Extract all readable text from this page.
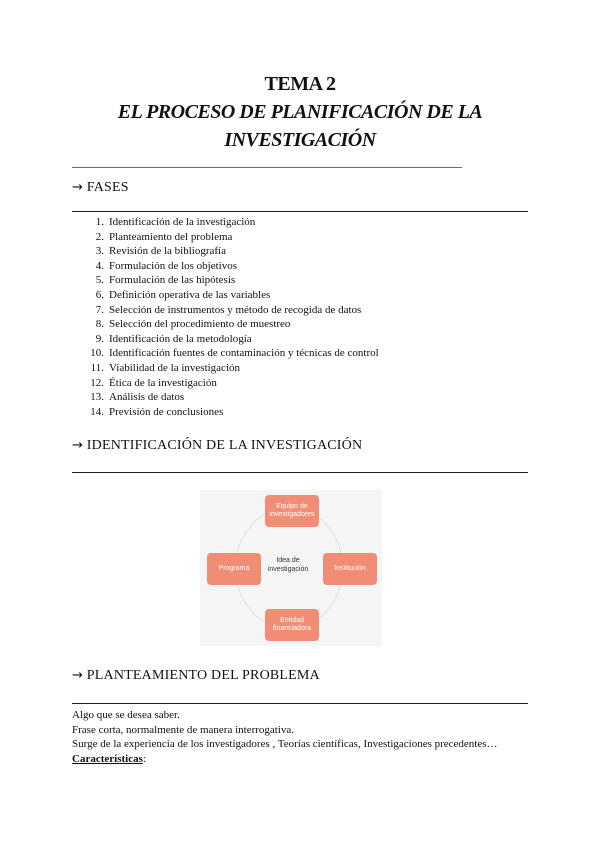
TEMA 2
EL PROCESO DE PLANIFICACIÓN DE LA
INVESTIGACIÓN
____________________________________________________________
→ FASES
1. Identificación de la investigación
2. Planteamiento del problema
3. Revisión de la bibliografía
4. Formulación de los objetivos
5. Formulación de las hipótesis
6. Definición operativa de las variables
7. Selección de instrumentos y método de recogida de datos
8. Selección del procedimiento de muestreo
9. Identificación de la metodología
10. Identificación fuentes de contaminación y técnicas de control
11. Viabilidad de la investigación
12. Ética de la investigación
13. Análisis de datos
14. Previsión de conclusiones
→ IDENTIFICACIÓN DE LA INVESTIGACIÓN
Idea de investigación
Equipo de investigadores
Institución
Entidad financiadora
Programa
→ PLANTEAMIENTO DEL PROBLEMA
Algo que se desea saber.
Frase corta, normalmente de manera interrogativa.
Surge de la experiencia de los investigadores , Teorías científicas, Investigaciones precedentes…
Características:
